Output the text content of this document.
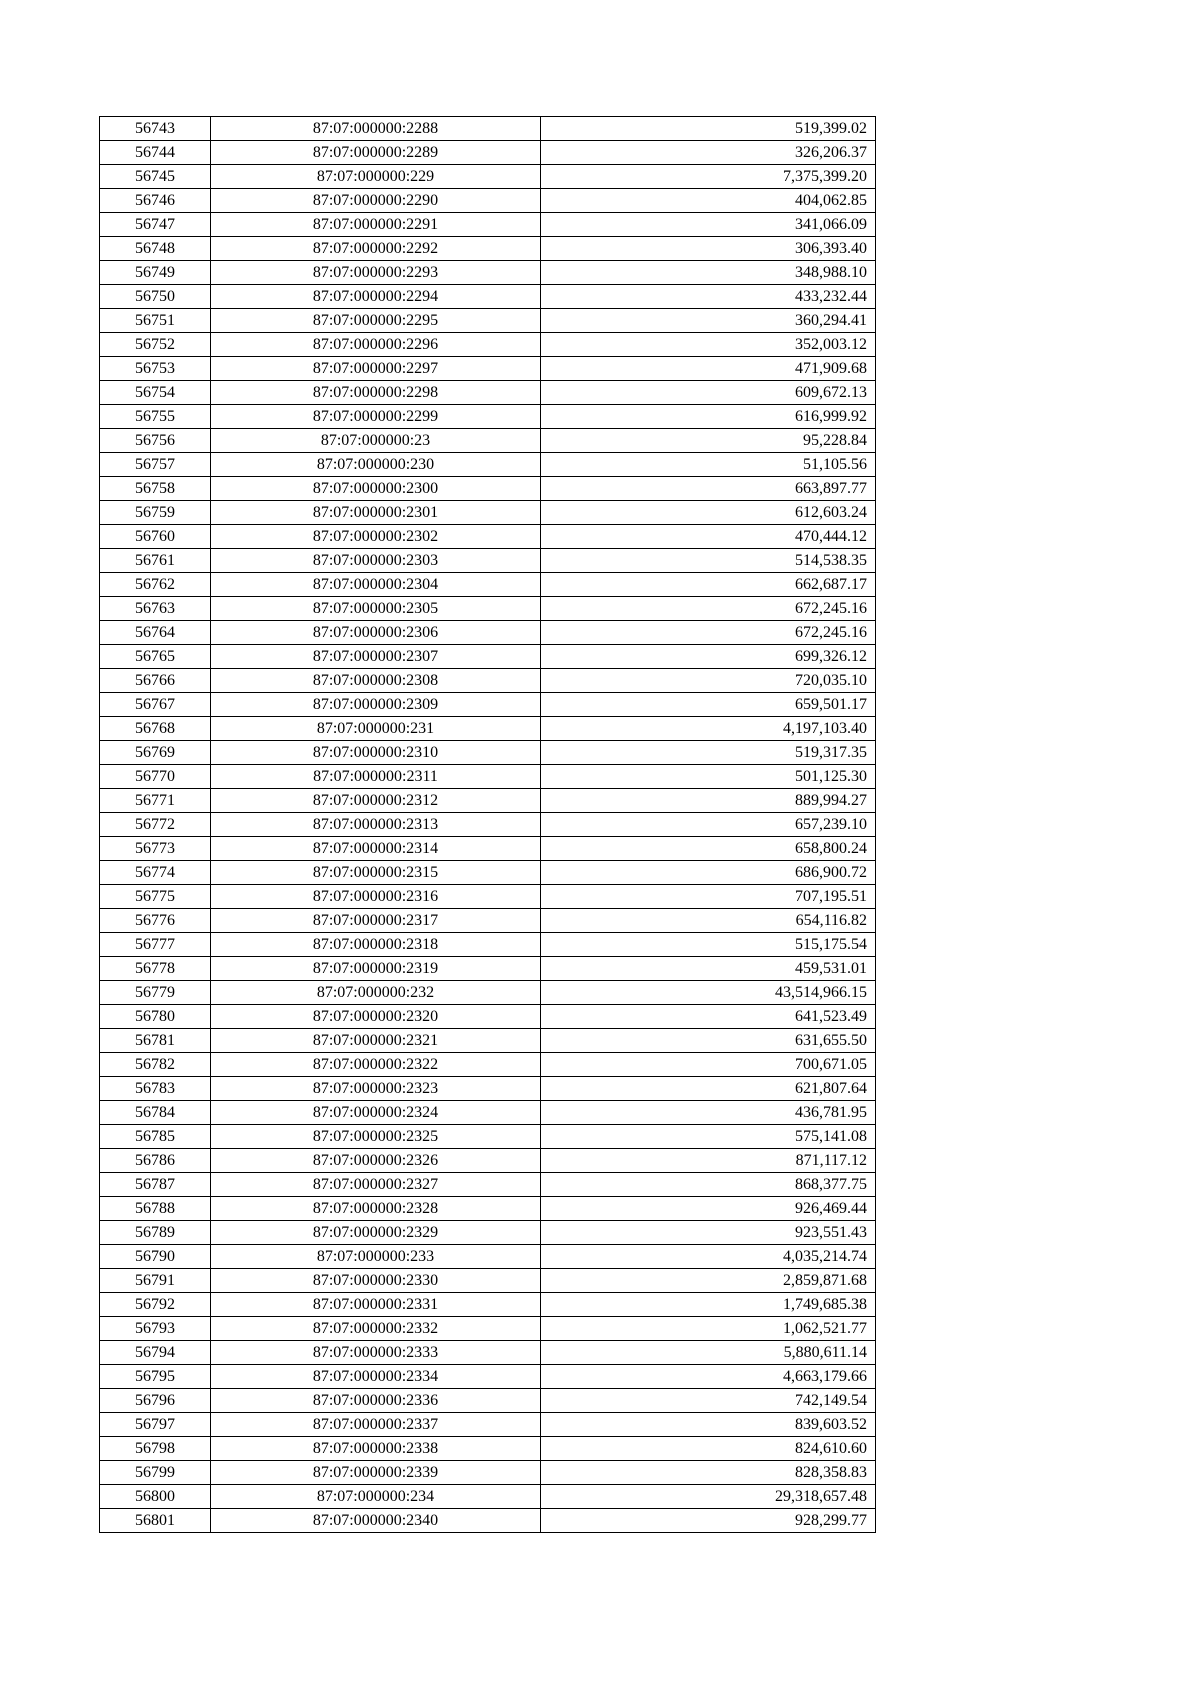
56743	87:07:000000:2288	519,399.02
56744	87:07:000000:2289	326,206.37
56745	87:07:000000:229	7,375,399.20
56746	87:07:000000:2290	404,062.85
56747	87:07:000000:2291	341,066.09
56748	87:07:000000:2292	306,393.40
56749	87:07:000000:2293	348,988.10
56750	87:07:000000:2294	433,232.44
56751	87:07:000000:2295	360,294.41
56752	87:07:000000:2296	352,003.12
56753	87:07:000000:2297	471,909.68
56754	87:07:000000:2298	609,672.13
56755	87:07:000000:2299	616,999.92
56756	87:07:000000:23	95,228.84
56757	87:07:000000:230	51,105.56
56758	87:07:000000:2300	663,897.77
56759	87:07:000000:2301	612,603.24
56760	87:07:000000:2302	470,444.12
56761	87:07:000000:2303	514,538.35
56762	87:07:000000:2304	662,687.17
56763	87:07:000000:2305	672,245.16
56764	87:07:000000:2306	672,245.16
56765	87:07:000000:2307	699,326.12
56766	87:07:000000:2308	720,035.10
56767	87:07:000000:2309	659,501.17
56768	87:07:000000:231	4,197,103.40
56769	87:07:000000:2310	519,317.35
56770	87:07:000000:2311	501,125.30
56771	87:07:000000:2312	889,994.27
56772	87:07:000000:2313	657,239.10
56773	87:07:000000:2314	658,800.24
56774	87:07:000000:2315	686,900.72
56775	87:07:000000:2316	707,195.51
56776	87:07:000000:2317	654,116.82
56777	87:07:000000:2318	515,175.54
56778	87:07:000000:2319	459,531.01
56779	87:07:000000:232	43,514,966.15
56780	87:07:000000:2320	641,523.49
56781	87:07:000000:2321	631,655.50
56782	87:07:000000:2322	700,671.05
56783	87:07:000000:2323	621,807.64
56784	87:07:000000:2324	436,781.95
56785	87:07:000000:2325	575,141.08
56786	87:07:000000:2326	871,117.12
56787	87:07:000000:2327	868,377.75
56788	87:07:000000:2328	926,469.44
56789	87:07:000000:2329	923,551.43
56790	87:07:000000:233	4,035,214.74
56791	87:07:000000:2330	2,859,871.68
56792	87:07:000000:2331	1,749,685.38
56793	87:07:000000:2332	1,062,521.77
56794	87:07:000000:2333	5,880,611.14
56795	87:07:000000:2334	4,663,179.66
56796	87:07:000000:2336	742,149.54
56797	87:07:000000:2337	839,603.52
56798	87:07:000000:2338	824,610.60
56799	87:07:000000:2339	828,358.83
56800	87:07:000000:234	29,318,657.48
56801	87:07:000000:2340	928,299.77
